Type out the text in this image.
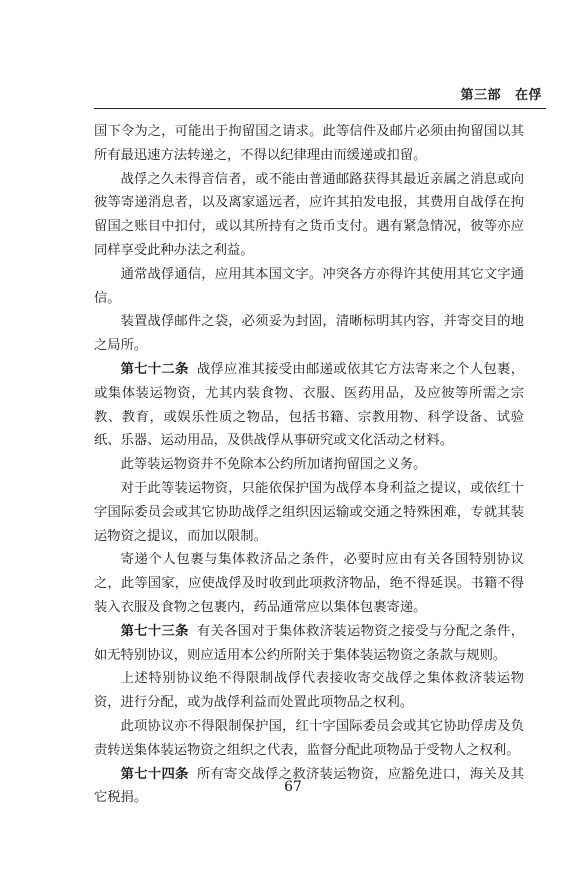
第三部 在俘

国下令为之，可能出于拘留国之请求。此等信件及邮片必须由拘留国以其所有最迅速方法转递之，不得以纪律理由而缓递或扣留。

战俘之久未得音信者，或不能由普通邮路获得其最近亲属之消息或向彼等寄递消息者，以及离家遥远者，应许其拍发电报，其费用自战俘在拘留国之账目中扣付，或以其所持有之货币支付。遇有紧急情况，彼等亦应同样享受此种办法之利益。

通常战俘通信，应用其本国文字。冲突各方亦得许其使用其它文字通信。

装置战俘邮件之袋，必须妥为封固，清晰标明其内容，并寄交目的地之局所。

第七十二条 战俘应准其接受由邮递或依其它方法寄来之个人包裹，或集体装运物资，尤其内装食物、衣服、医药用品，及应彼等所需之宗教、教育，或娱乐性质之物品，包括书籍、宗教用物、科学设备、试验纸、乐器、运动用品，及供战俘从事研究或文化活动之材料。

此等装运物资并不免除本公约所加诸拘留国之义务。

对于此等装运物资，只能依保护国为战俘本身利益之提议，或依红十字国际委员会或其它协助战俘之组织因运输或交通之特殊困难，专就其装运物资之提议，而加以限制。

寄递个人包裹与集体救济品之条件，必要时应由有关各国特别协议之，此等国家，应使战俘及时收到此项救济物品，绝不得延误。书籍不得装入衣服及食物之包裹内，药品通常应以集体包裹寄递。

第七十三条 有关各国对于集体救济装运物资之接受与分配之条件，如无特别协议，则应适用本公约所附关于集体装运物资之条款与规则。

上述特别协议绝不得限制战俘代表接收寄交战俘之集体救济装运物资，进行分配，或为战俘利益而处置此项物品之权利。

此项协议亦不得限制保护国，红十字国际委员会或其它协助俘虏及负责转送集体装运物资之组织之代表，监督分配此项物品于受物人之权利。

第七十四条 所有寄交战俘之救济装运物资，应豁免进口，海关及其它税捐。

67
